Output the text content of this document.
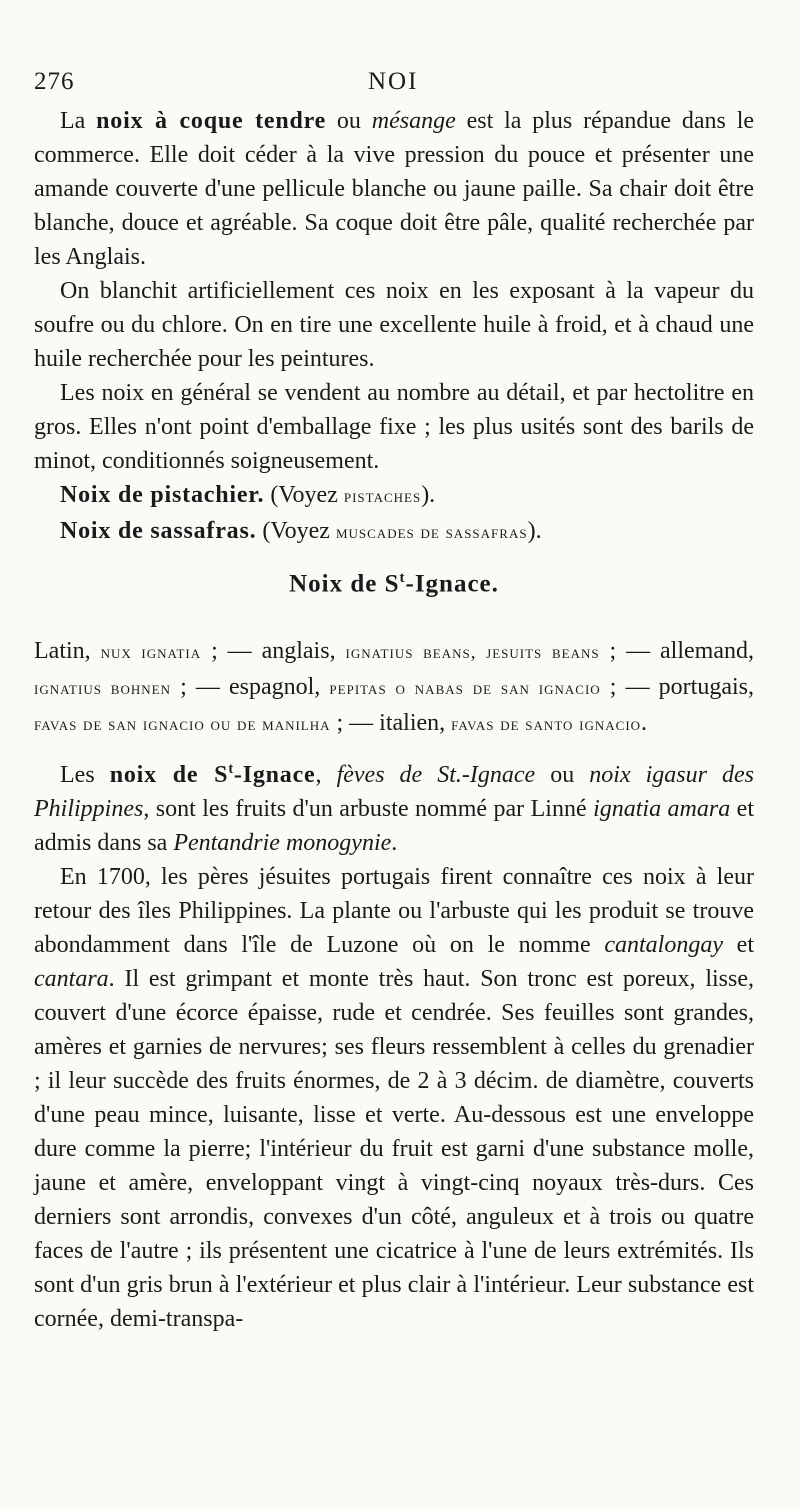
276	NOI

La noix à coque tendre ou mésange est la plus répandue dans le commerce. Elle doit céder à la vive pression du pouce et présenter une amande couverte d'une pellicule blanche ou jaune paille. Sa chair doit être blanche, douce et agréable. Sa coque doit être pâle, qualité recherchée par les Anglais.

On blanchit artificiellement ces noix en les exposant à la vapeur du soufre ou du chlore. On en tire une excellente huile à froid, et à chaud une huile recherchée pour les peintures.

Les noix en général se vendent au nombre au détail, et par hectolitre en gros. Elles n'ont point d'emballage fixe ; les plus usités sont des barils de minot, conditionnés soigneusement.

Noix de pistachier. (Voyez pistaches).

Noix de sassafras. (Voyez muscades de sassafras).

Noix de $S^t$-Ignace.

Latin, nux ignatia ; — anglais, ignatius beans, jesuits beans ; — allemand, ignatius bohnen ; — espagnol, pepitas o nabas de san ignacio ; — portugais, favas de san ignacio ou de manilha ; — italien, favas de santo ignacio.

Les noix de $S^t$-Ignace, fèves de St.-Ignace ou noix igasur des Philippines, sont les fruits d'un arbuste nommé par Linné ignatia amara et admis dans sa Pentandrie monogynie.

En 1700, les pères jésuites portugais firent connaître ces noix à leur retour des îles Philippines. La plante ou l'arbuste qui les produit se trouve abondamment dans l'île de Luzone où on le nomme cantalongay et cantara. Il est grimpant et monte très haut. Son tronc est poreux, lisse, couvert d'une écorce épaisse, rude et cendrée. Ses feuilles sont grandes, amères et garnies de nervures; ses fleurs ressemblent à celles du grenadier ; il leur succède des fruits énormes, de 2 à 3 décim. de diamètre, couverts d'une peau mince, luisante, lisse et verte. Au-dessous est une enveloppe dure comme la pierre; l'intérieur du fruit est garni d'une substance molle, jaune et amère, enveloppant vingt à vingt-cinq noyaux très-durs. Ces derniers sont arrondis, convexes d'un côté, anguleux et à trois ou quatre faces de l'autre ; ils présentent une cicatrice à l'une de leurs extrémités. Ils sont d'un gris brun à l'extérieur et plus clair à l'intérieur. Leur substance est cornée, demi-transpa-
